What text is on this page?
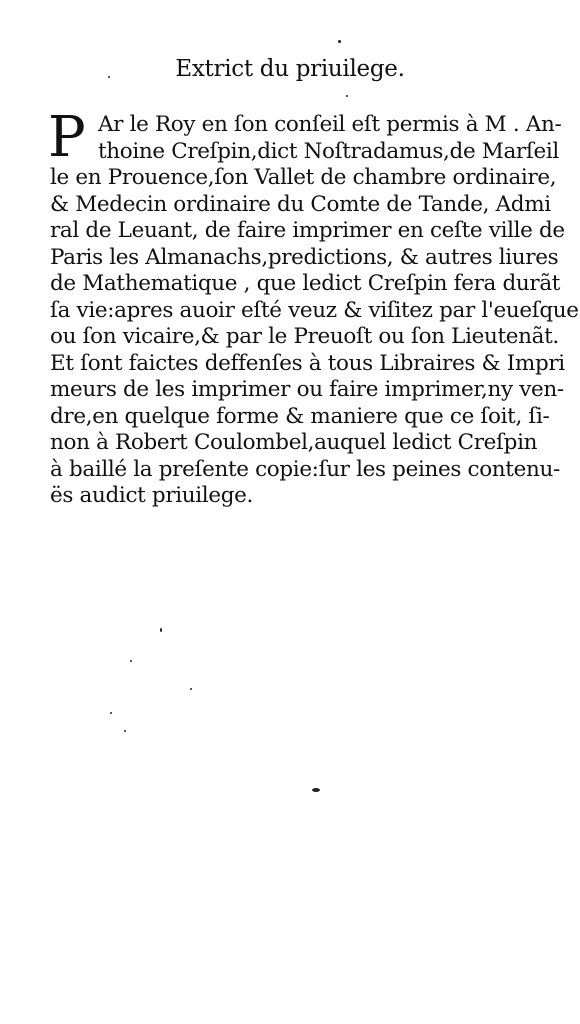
Extrict du priuilege.
P Ar le Roy en ſon conſeil eſt permis à M . An-
thoine Creſpin,dict Noſtradamus,de Marſeil
le en Prouence,ſon Vallet de chambre ordinaire,
& Medecin ordinaire du Comte de Tande, Admi
ral de Leuant, de faire imprimer en ceſte ville de
Paris les Almanachs,predictions, & autres liures
de Mathematique , que ledict Creſpin fera durãt
ſa vie:apres auoir eſté veuz & viſitez par l'eueſque
ou ſon vicaire,& par le Preuoſt ou ſon Lieutenãt.
Et ſont faictes deffenſes à tous Libraires & Impri
meurs de les imprimer ou faire imprimer,ny ven-
dre,en quelque forme & maniere que ce ſoit, ſi-
non à Robert Coulombel,auquel ledict Creſpin
à baillé la preſente copie:ſur les peines contenu-
ës audict priuilege.
